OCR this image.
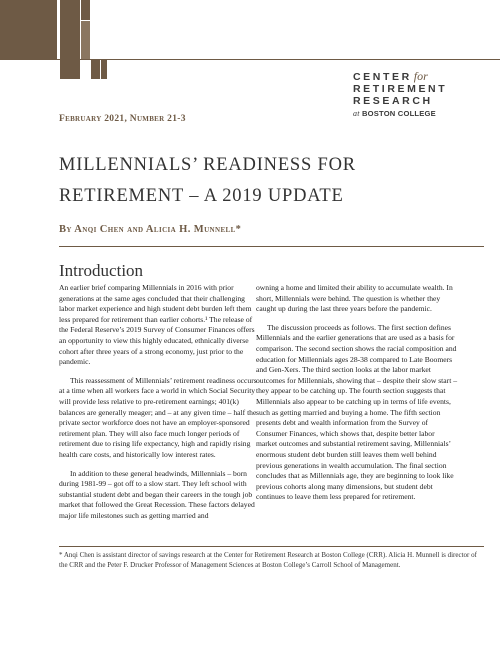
CENTER for
RETIREMENT
RESEARCH
at BOSTON COLLEGE
February 2021, Number 21-3
MILLENNIALS’ READINESS FOR
RETIREMENT – A 2019 UPDATE
By Anqi Chen and Alicia H. Munnell*
Introduction

An earlier brief comparing Millennials in 2016 with prior generations at the same ages concluded that their challenging labor market experience and high student debt burden left them less prepared for retirement than earlier cohorts.¹ The release of the Federal Reserve’s 2019 Survey of Consumer Finances offers an opportunity to view this highly educated, ethnically diverse cohort after three years of a strong economy, just prior to the pandemic.

This reassessment of Millennials’ retirement readiness occurs at a time when all workers face a world in which Social Security will provide less relative to pre-retirement earnings; 401(k) balances are generally meager; and – at any given time – half the private sector workforce does not have an employer-sponsored retirement plan. They will also face much longer periods of retirement due to rising life expectancy, high and rapidly rising health care costs, and historically low interest rates.

In addition to these general headwinds, Millennials – born during 1981-99 – got off to a slow start. They left school with substantial student debt and began their careers in the tough job market that followed the Great Recession. These factors delayed major life milestones such as getting married and

owning a home and limited their ability to accumulate wealth. In short, Millennials were behind. The question is whether they caught up during the last three years before the pandemic.

The discussion proceeds as follows. The first section defines Millennials and the earlier generations that are used as a basis for comparison. The second section shows the racial composition and education for Millennials ages 28-38 compared to Late Boomers and Gen-Xers. The third section looks at the labor market outcomes for Millennials, showing that – despite their slow start – they appear to be catching up. The fourth section suggests that Millennials also appear to be catching up in terms of life events, such as getting married and buying a home. The fifth section presents debt and wealth information from the Survey of Consumer Finances, which shows that, despite better labor market outcomes and substantial retirement saving, Millennials’ enormous student debt burden still leaves them well behind previous generations in wealth accumulation. The final section concludes that as Millennials age, they are beginning to look like previous cohorts along many dimensions, but student debt continues to leave them less prepared for retirement.

* Anqi Chen is assistant director of savings research at the Center for Retirement Research at Boston College (CRR). Alicia H. Munnell is director of the CRR and the Peter F. Drucker Professor of Management Sciences at Boston College’s Carroll School of Management.
